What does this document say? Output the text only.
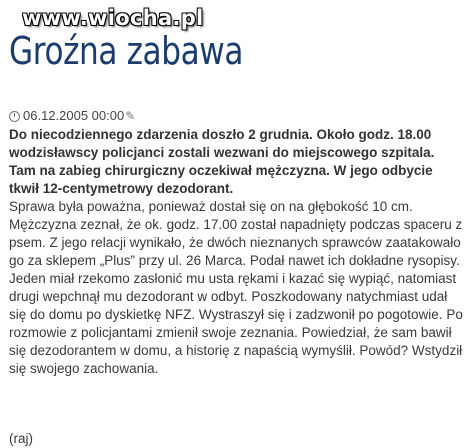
www.wiocha.pl
Groźna zabawa
06.12.2005 00:00 ✎

Do niecodziennego zdarzenia doszło 2 grudnia. Około godz. 18.00 wodzisławscy policjanci zostali wezwani do miejscowego szpitala. Tam na zabieg chirurgiczny oczekiwał mężczyzna. W jego odbycie tkwił 12-centymetrowy dezodorant.

Sprawa była poważna, ponieważ dostał się on na głębokość 10 cm. Mężczyzna zeznał, że ok. godz. 17.00 został napadnięty podczas spaceru z psem. Z jego relacji wynikało, że dwóch nieznanych sprawców zaatakowało go za sklepem „Plus” przy ul. 26 Marca. Podał nawet ich dokładne rysopisy. Jeden miał rzekomo zasłonić mu usta rękami i kazać się wypiąć, natomiast drugi wepchnął mu dezodorant w odbyt. Poszkodowany natychmiast udał się do domu po dyskietkę NFZ. Wystraszył się i zadzwonił po pogotowie. Po rozmowie z policjantami zmienił swoje zeznania. Powiedział, że sam bawił się dezodorantem w domu, a historię z napaścią wymyślił. Powód? Wstydził się swojego zachowania.

(raj)
